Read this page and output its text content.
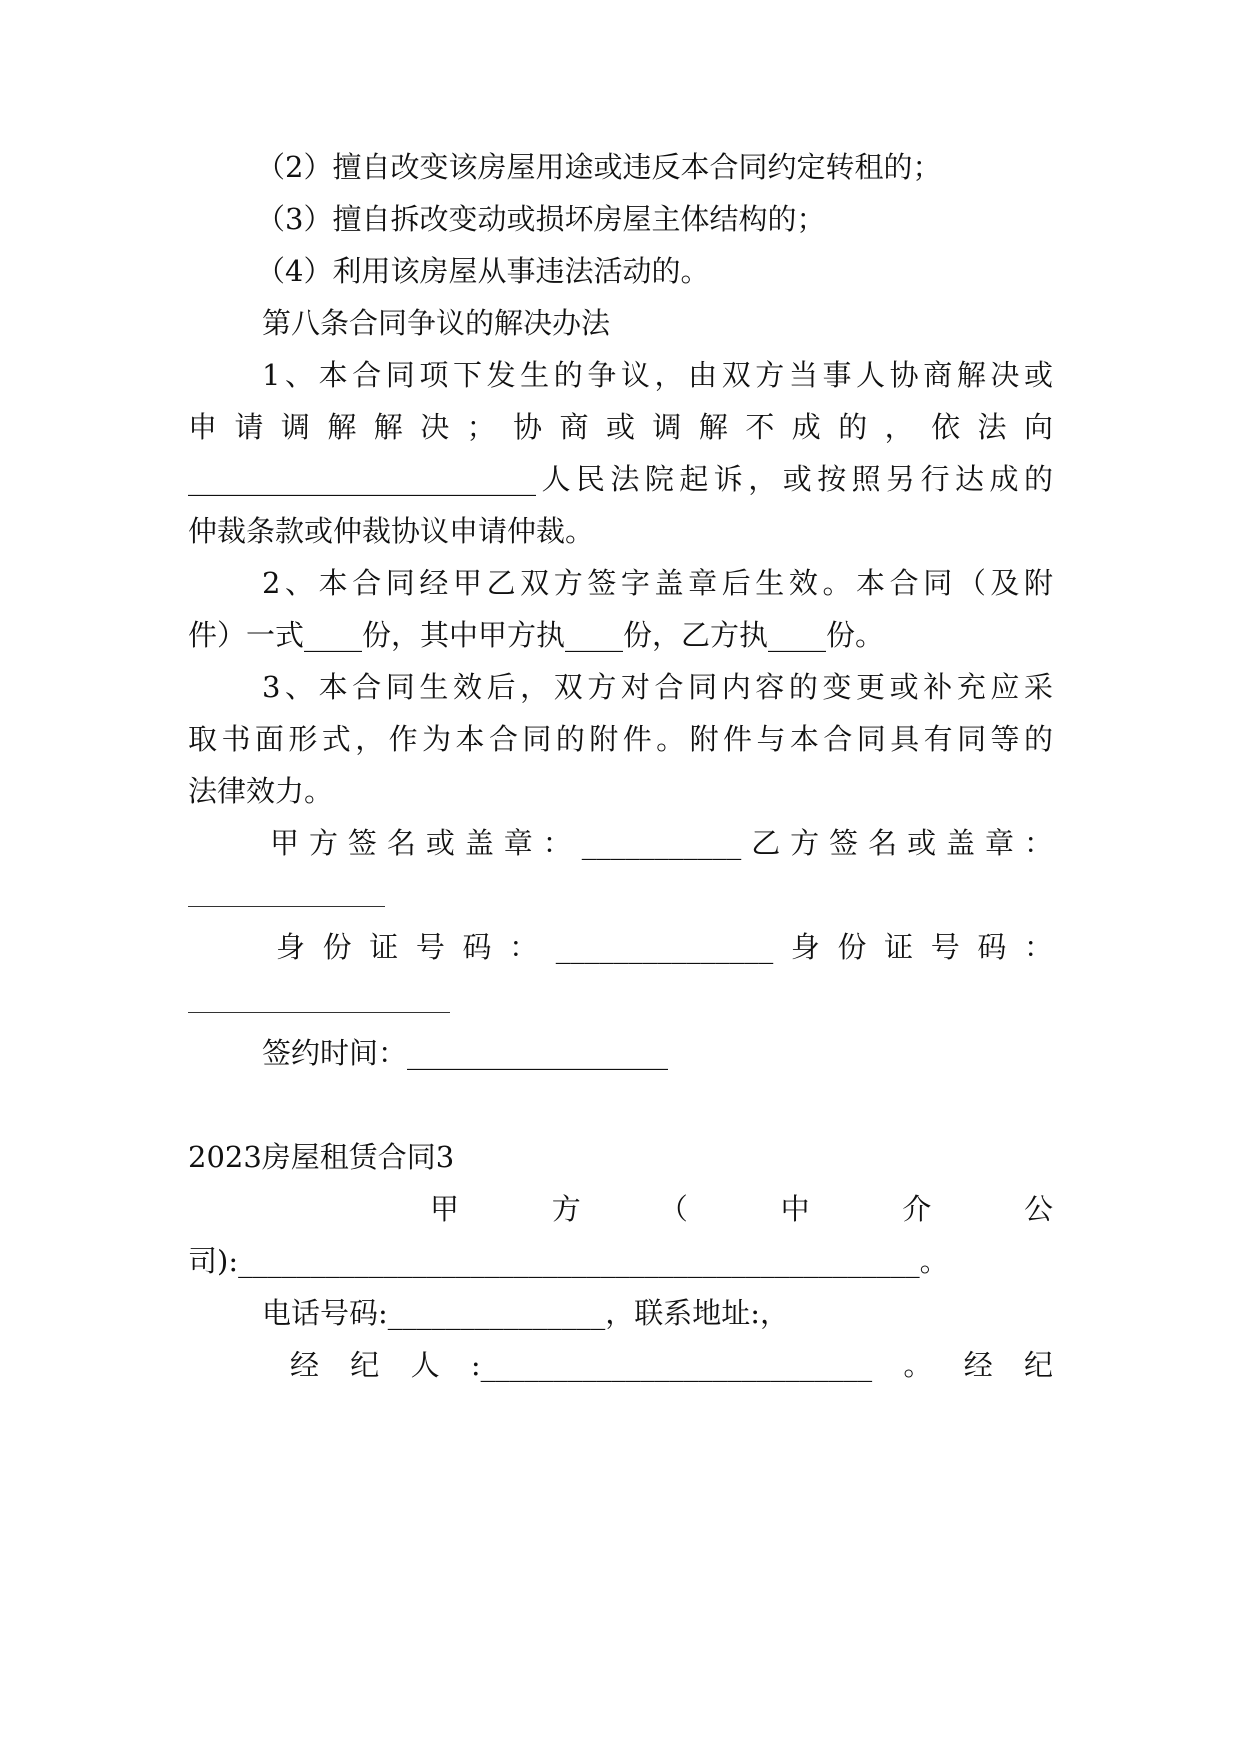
（2）擅自改变该房屋用途或违反本合同约定转租的；

（3）擅自拆改变动或损坏房屋主体结构的；

（4）利用该房屋从事违法活动的。

第八条合同争议的解决办法

1、本合同项下发生的争议，由双方当事人协商解决或

申请调解解决；协商或调解不成的，依法向

________________________人民法院起诉，或按照另行达成的

仲裁条款或仲裁协议申请仲裁。

2、本合同经甲乙双方签字盖章后生效。本合同（及附

件）一式____份，其中甲方执____份，乙方执____份。

3、本合同生效后，双方对合同内容的变更或补充应采

取书面形式，作为本合同的附件。附件与本合同具有同等的

法律效力。

甲方签名或盖章：___________乙方签名或盖章：

身份证号码：_______________身份证号码：

签约时间：__________________

2023房屋租赁合同3

甲　　方　　（　　中　　介　　公

司):_______________________________________________。

电话号码:_______________，联系地址:，

经纪人:___________________________。经纪
